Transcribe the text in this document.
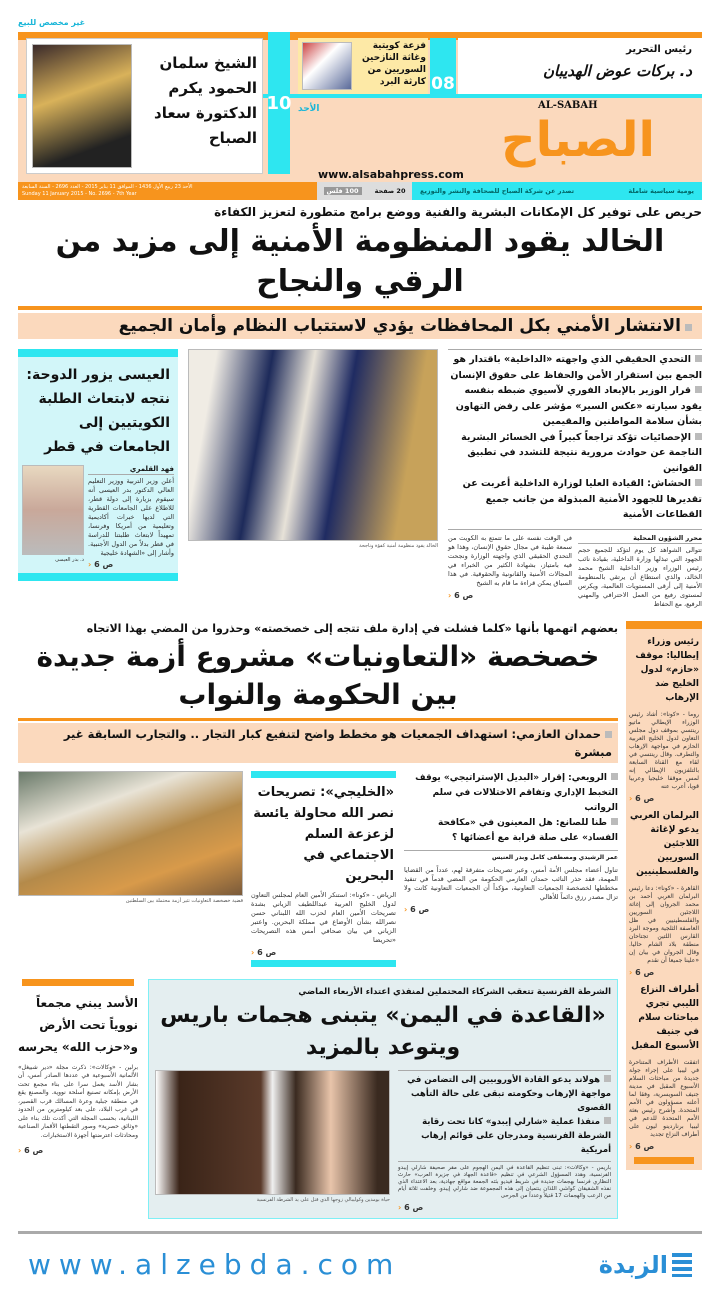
غير مخصص للبيع
الشيخ سلمان الحمود يكرم الدكتورة سعاد الصباح
10
فزعة كويتية وغاثة النازحين السوريين من كارثة البرد 08
رئيس التحرير
د. بركات عوض الهديبان
AL-SABAH
الصباح
www.alsabahpress.com
الأحد
يومية سياسية شاملة
تصدر عن شركة الصباح للصحافة والنشر والتوزيع
20 صفحة
100 فلس
الأحد 23 ربيع الأول 1436 - الموافق 11 يناير 2015 - العدد 2696 - السنة السابعة
Sunday 11 January 2015 - No. 2696 - 7th Year
حريص على توفير كل الإمكانات البشرية والفنية ووضع برامج متطورة لتعزيز الكفاءة
الخالد يقود المنظومة الأمنية إلى مزيد من الرقي والنجاح
الانتشار الأمني بكل المحافظات يؤدي لاستتباب النظام وأمان الجميع
العيسى يزور الدوحة: نتجه لابتعاث الطلبة الكويتيين إلى الجامعات في قطر
د. بدر العيسى
فهد القلمري
أعلن وزير التربية ووزير التعليم العالي الدكتور بدر العيسى أنه سيقوم بزيارة إلى دولة قطر، للاطلاع على الجامعات القطرية التي لديها خبرات أكاديمية وتعليمية من أمريكا وفرنسا، تمهيداً لابتعاث طلبتنا للدراسة في قطر بدلاً من الدول الأجنبية. وأشار إلى «الشهادة خليجية
ص 6 ‹
الخالد يقود منظومة أمنية كفؤة وناجحة
التحدي الحقيقي الذي واجهته «الداخلية» باقتدار هو الجمع بين استقرار الأمن والحفاظ على حقوق الإنسان
قرار الوزير بالإبعاد الفوري لآسيوي ضبطه بنفسه يقود سيارته «عكس السير» مؤشر على رفض التهاون بشأن سلامة المواطنين والمقيمين
الإحصائيات تؤكد تراجعاً كبيراً في الخسائر البشرية الناجمة عن حوادث مرورية نتيجة للتشدد في تطبيق القوانين
الحشاش: القيادة العليا لوزارة الداخلية أعربت عن تقديرها للجهود الأمنية المبذولة من جانب جميع القطاعات الأمنية
في الوقت نفسه على ما تتمتع به الكويت من سمعة طيبة في مجال حقوق الإنسان، وهذا هو التحدي الحقيقي الذي واجهته الوزارة ونجحت فيه بامتياز، بشهادة الكثير من الخبراء في المجالات الأمنية والقانونية والحقوقية. في هذا السياق يمكن قراءة ما قام به الشيخ
ص 6 ‹
محرر الشؤون المحلية
تتوالى الشواهد كل يوم لتؤكد للجميع حجم الجهود التي تبذلها وزارة الداخلية، بقيادة نائب رئيس الوزراء وزير الداخلية الشيخ محمد الخالد، والذي استطاع أن يرتقي بالمنظومة الأمنية إلى أرقى المستويات العالمية، ويكرس لمستوى رفيع من العمل الاحترافي والمهني الرفيع، مع الحفاظ
بعضهم اتهمها بأنها «كلما فشلت في إدارة ملف تتجه إلى خصخصته» وحذروا من المضي بهذا الاتجاه
خصخصة «التعاونيات» مشروع أزمة جديدة بين الحكومة والنواب
حمدان العازمي: استهداف الجمعيات هو مخطط واضح لتنفيع كبار التجار .. والتجارب السابقة غير مبشرة
قضية خصخصة التعاونيات تثير أزمة محتملة بين السلطتين
«الخليجي»: تصريحات نصر الله محاولة يائسة لزعزعة السلم الاجتماعي في البحرين
الرياض - «كونا»: استنكر الأمين العام لمجلس التعاون لدول الخليج العربية عبداللطيف الزياني بشدة تصريحات الأمين العام لحزب الله اللبناني حسن نصرالله بشأن الأوضاع في مملكة البحرين. واعتبر الزياني في بيان صحافي أمس هذه التصريحات «تحريضا
ص 6 ‹
الرويعي: إقرار «البديل الإستراتيجي» يوقف التخبط الإداري وتفاقم الاختلالات في سلم الرواتب
طنا للصانع: هل المعينون في «مكافحة الفساد» على صلة قرابة مع أعضائها ؟
عمر الرشيدي ومصطفى كامل وبدر العنيس
تناول أعضاء مجلس الأمة أمس، وعبر تصريحات متفرقة لهم، عدداً من القضايا المهمة، فقد حذر النائب حمدان العازمي الحكومة من المضي قدماً في تنفيذ مخططها لخصخصة الجمعيات التعاونية، مؤكداً أن الجمعيات التعاونية كانت ولا تزال مصدر رزق دائماً للأهالي
ص 6 ‹
الأسد يبني مجمعاً نووياً تحت الأرض و«حزب الله» يحرسه
برلين - «وكالات»: ذكرت مجلة «دير شبيغل» الألمانية الأسبوعية في عددها الصادر أمس، أن بشار الأسد يعمل سرا على بناء مجمع تحت الأرض بإمكانه تصنيع أسلحة نووية. والمصنع يقع في منطقة جبلية وعرة المسالك قرب القصير، في غرب البلاد، على بعد كيلومترين من الحدود اللبنانية، بحسب المجلة التي أكدت تلك بناء على «وثائق حصرية» وصور التقطتها الأقمار الصناعية ومحادثات اعترضتها أجهزة الاستخبارات.
ص 6 ‹
الشرطة الفرنسية تتعقب الشركاء المحتملين لمنفذي اعتداء الأربعاء الماضي
«القاعدة في اليمن» يتبنى هجمات باريس ويتوعد بالمزيد
حياة بومدين وكوليبالي زوجها الذي قتل على يد الشرطة الفرنسية
هولاند يدعو القادة الأوروبيين إلى التضامن في مواجهة الإرهاب وحكومته تبقى على حالة التأهب القصوى
منفذا عملية «شارلي إيبدو» كانا تحت رقابة الشرطة الفرنسية ومدرجان على قوائم إرهاب أمريكية
باريس - «وكالات»: تبنى تنظيم القاعدة في اليمن الهجوم على مقر صحيفة شارلي إيبدو الفرنسية، وهدد المسؤول الشرعي في تنظيم «قاعدة الجهاد في جزيرة العرب» حارث النظاري فرنسا بهجمات جديدة في شريط فيديو بثته الجمعة مواقع جهادية، بعد الاعتداء الذي نفذه الشقيقان كواشي اللذان ينتميان إلى هذه المجموعة ضد شارلي إيبدو. وخلفت ثلاثة أيام من الرعب والهجمات 17 قتيلاً وعدداً من الجرحى
ص 6 ‹
رئيس وزراء إيطاليا: موقف «حازم» لدول الخليج ضد الإرهاب
روما - «كونا»: أشاد رئيس الوزراء الإيطالي ماتيو رينتسي بموقف دول مجلس التعاون لدول الخليج العربية الحازم في مواجهة الإرهاب والتطرف. وقال رينتسي في لقاء مع القناة السابعة بالتلفزيون الإيطالي إنه لمس موقفا خليجيا وعربيا قويا، أعرب عنه
ص 6 ‹
البرلمان العربي يدعو لإغاثة اللاجئين السوريين والفلسطينيين
القاهرة - «كونا»: دعا رئيس البرلمان العربي أحمد بن محمد الجروان إلى إغاثة اللاجئين السوريين والفلسطينيين في ظل العاصفة الثلجية وموجة البرد القارس اللتين تجتاحان منطقة بلاد الشام حاليا. وقال الجروان في بيان إن «علينا جميعا أن نقدم
ص 6 ‹
أطراف النزاع الليبي تجري مباحثات سلام في جنيف الأسبوع المقبل
اتفقت الأطراف المتناحرة في ليبيا على إجراء جولة جديدة من مباحثات السلام الأسبوع المقبل في مدينة جنيف السويسرية، وفقا لما أعلنه مسؤولون في الأمم المتحدة. وأشرح رئيس بعثة الأمم المتحدة للدعم في ليبيا برناردينو ليون على أطراف النزاع تجديد
ص 6 ‹
www.alzebda.com	الزبدة
